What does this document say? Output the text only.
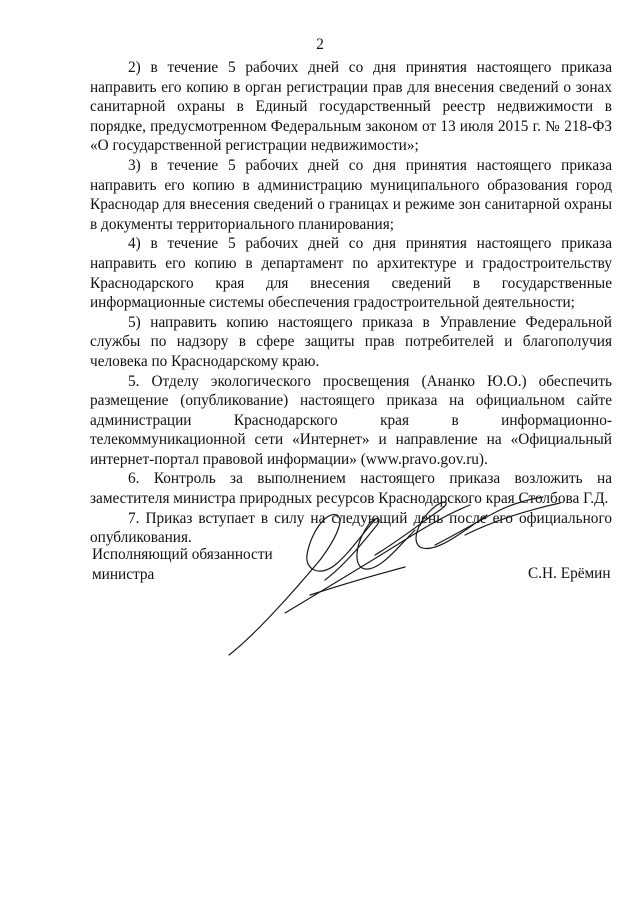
2

2) в течение 5 рабочих дней со дня принятия настоящего приказа направить его копию в орган регистрации прав для внесения сведений о зонах санитарной охраны в Единый государственный реестр недвижимости в порядке, предусмотренном Федеральным законом от 13 июля 2015 г. № 218-ФЗ «О государственной регистрации недвижимости»;

3) в течение 5 рабочих дней со дня принятия настоящего приказа направить его копию в администрацию муниципального образования город Краснодар для внесения сведений о границах и режиме зон санитарной охраны в документы территориального планирования;

4) в течение 5 рабочих дней со дня принятия настоящего приказа направить его копию в департамент по архитектуре и градостроительству Краснодарского края для внесения сведений в государственные информационные системы обеспечения градостроительной деятельности;

5) направить копию настоящего приказа в Управление Федеральной службы по надзору в сфере защиты прав потребителей и благополучия человека по Краснодарскому краю.

5. Отделу экологического просвещения (Ананко Ю.О.) обеспечить размещение (опубликование) настоящего приказа на официальном сайте администрации Краснодарского края в информационно-телекоммуникационной сети «Интернет» и направление на «Официальный интернет-портал правовой информации» (www.pravo.gov.ru).

6. Контроль за выполнением настоящего приказа возложить на заместителя министра природных ресурсов Краснодарского края Столбова Г.Д.

7. Приказ вступает в силу на следующий день после его официального опубликования.

Исполняющий обязанности
министра	С.Н. Ерёмин
